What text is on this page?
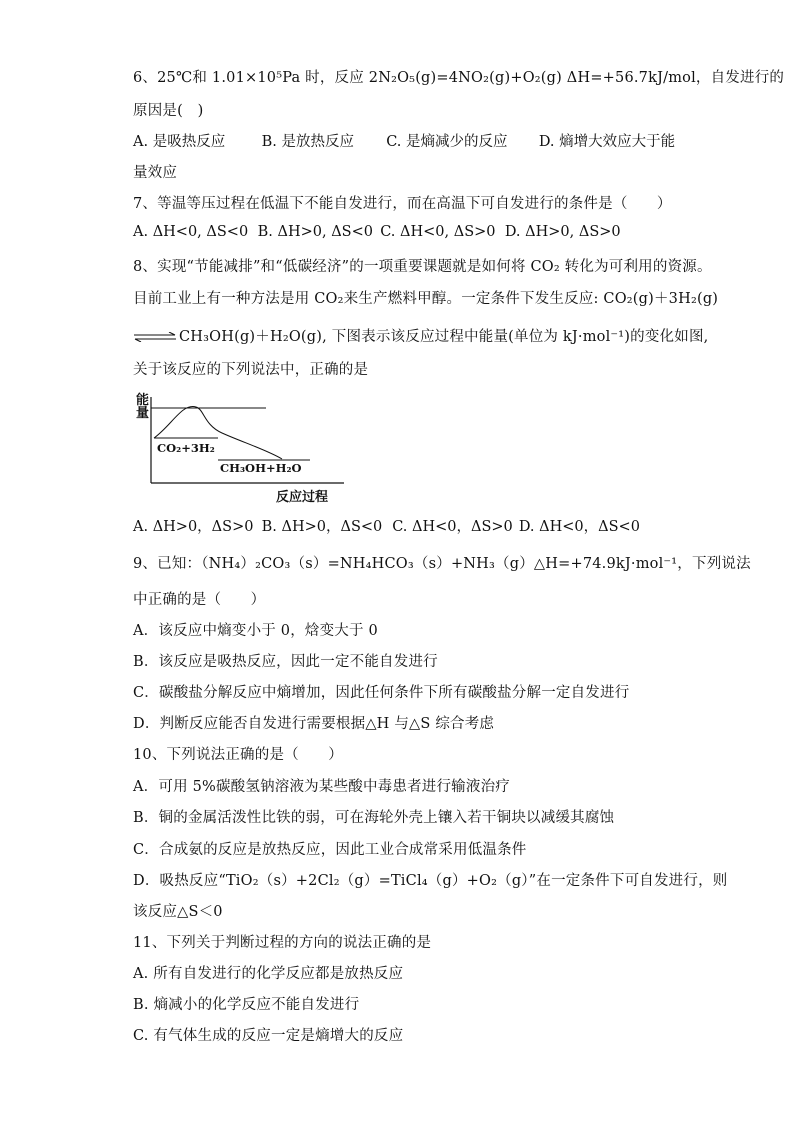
6、25℃和 1.01×10⁵Pa 时，反应 2N₂O₅(g)=4NO₂(g)+O₂(g) ΔH=+56.7kJ/mol，自发进行的
原因是(　)
A. 是吸热反应	B. 是放热反应 C. 是熵减少的反应 D. 熵增大效应大于能
量效应
7、等温等压过程在低温下不能自发进行，而在高温下可自发进行的条件是（　　）
A. ΔH<0, ΔS<0 B. ΔH>0, ΔS<0 C. ΔH<0, ΔS>0 D. ΔH>0, ΔS>0
8、实现“节能减排”和“低碳经济”的一项重要课题就是如何将 CO₂ 转化为可利用的资源。
目前工业上有一种方法是用 CO₂来生产燃料甲醇。一定条件下发生反应: CO₂(g)＋3H₂(g)
⇌ CH₃OH(g)＋H₂O(g), 下图表示该反应过程中能量(单位为 kJ·mol⁻¹)的变化如图,
关于该反应的下列说法中，正确的是
能
量
CO₂+3H₂
CH₃OH+H₂O
反应过程
A. ΔH>0，ΔS>0 B. ΔH>0，ΔS<0 C. ΔH<0，ΔS>0 D. ΔH<0，ΔS<0
9、已知：（NH₄）₂CO₃（s）=NH₄HCO₃（s）+NH₃（g）△H=+74.9kJ·mol⁻¹，下列说法
中正确的是（　　）
A．该反应中熵变小于 0，焓变大于 0
B．该反应是吸热反应，因此一定不能自发进行
C．碳酸盐分解反应中熵增加，因此任何条件下所有碳酸盐分解一定自发进行
D．判断反应能否自发进行需要根据△H 与△S 综合考虑
10、下列说法正确的是（　　）
A．可用 5%碳酸氢钠溶液为某些酸中毒患者进行输液治疗
B．铜的金属活泼性比铁的弱，可在海轮外壳上镶入若干铜块以减缓其腐蚀
C．合成氨的反应是放热反应，因此工业合成常采用低温条件
D．吸热反应“TiO₂（s）+2Cl₂（g）=TiCl₄（g）+O₂（g）”在一定条件下可自发进行，则
该反应△S＜0
11、下列关于判断过程的方向的说法正确的是
A. 所有自发进行的化学反应都是放热反应
B. 熵减小的化学反应不能自发进行
C. 有气体生成的反应一定是熵增大的反应
